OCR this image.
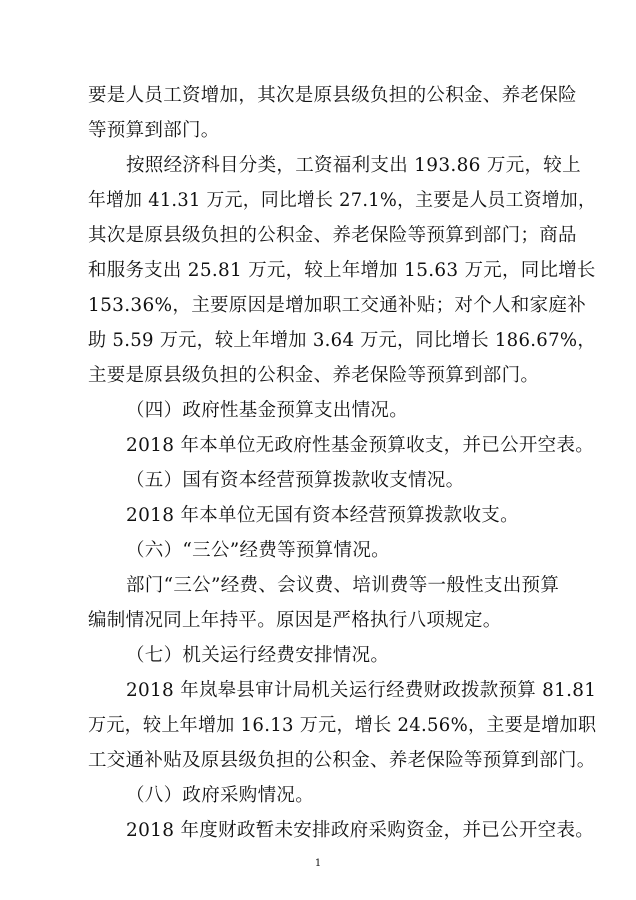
要是人员工资增加，其次是原县级负担的公积金、养老保险
等预算到部门。
按照经济科目分类，工资福利支出 193.86 万元，较上
年增加 41.31 万元，同比增长 27.1%，主要是人员工资增加，
其次是原县级负担的公积金、养老保险等预算到部门；商品
和服务支出 25.81 万元，较上年增加 15.63 万元，同比增长
153.36%，主要原因是增加职工交通补贴；对个人和家庭补
助 5.59 万元，较上年增加 3.64 万元，同比增长 186.67%，
主要是原县级负担的公积金、养老保险等预算到部门。
（四）政府性基金预算支出情况。
2018 年本单位无政府性基金预算收支，并已公开空表。
（五）国有资本经营预算拨款收支情况。
2018 年本单位无国有资本经营预算拨款收支。
（六）“三公”经费等预算情况。
部门“三公”经费、会议费、培训费等一般性支出预算
编制情况同上年持平。原因是严格执行八项规定。
（七）机关运行经费安排情况。
2018 年岚皋县审计局机关运行经费财政拨款预算 81.81
万元，较上年增加 16.13 万元，增长 24.56%，主要是增加职
工交通补贴及原县级负担的公积金、养老保险等预算到部门。
（八）政府采购情况。
2018 年度财政暂未安排政府采购资金，并已公开空表。
1
